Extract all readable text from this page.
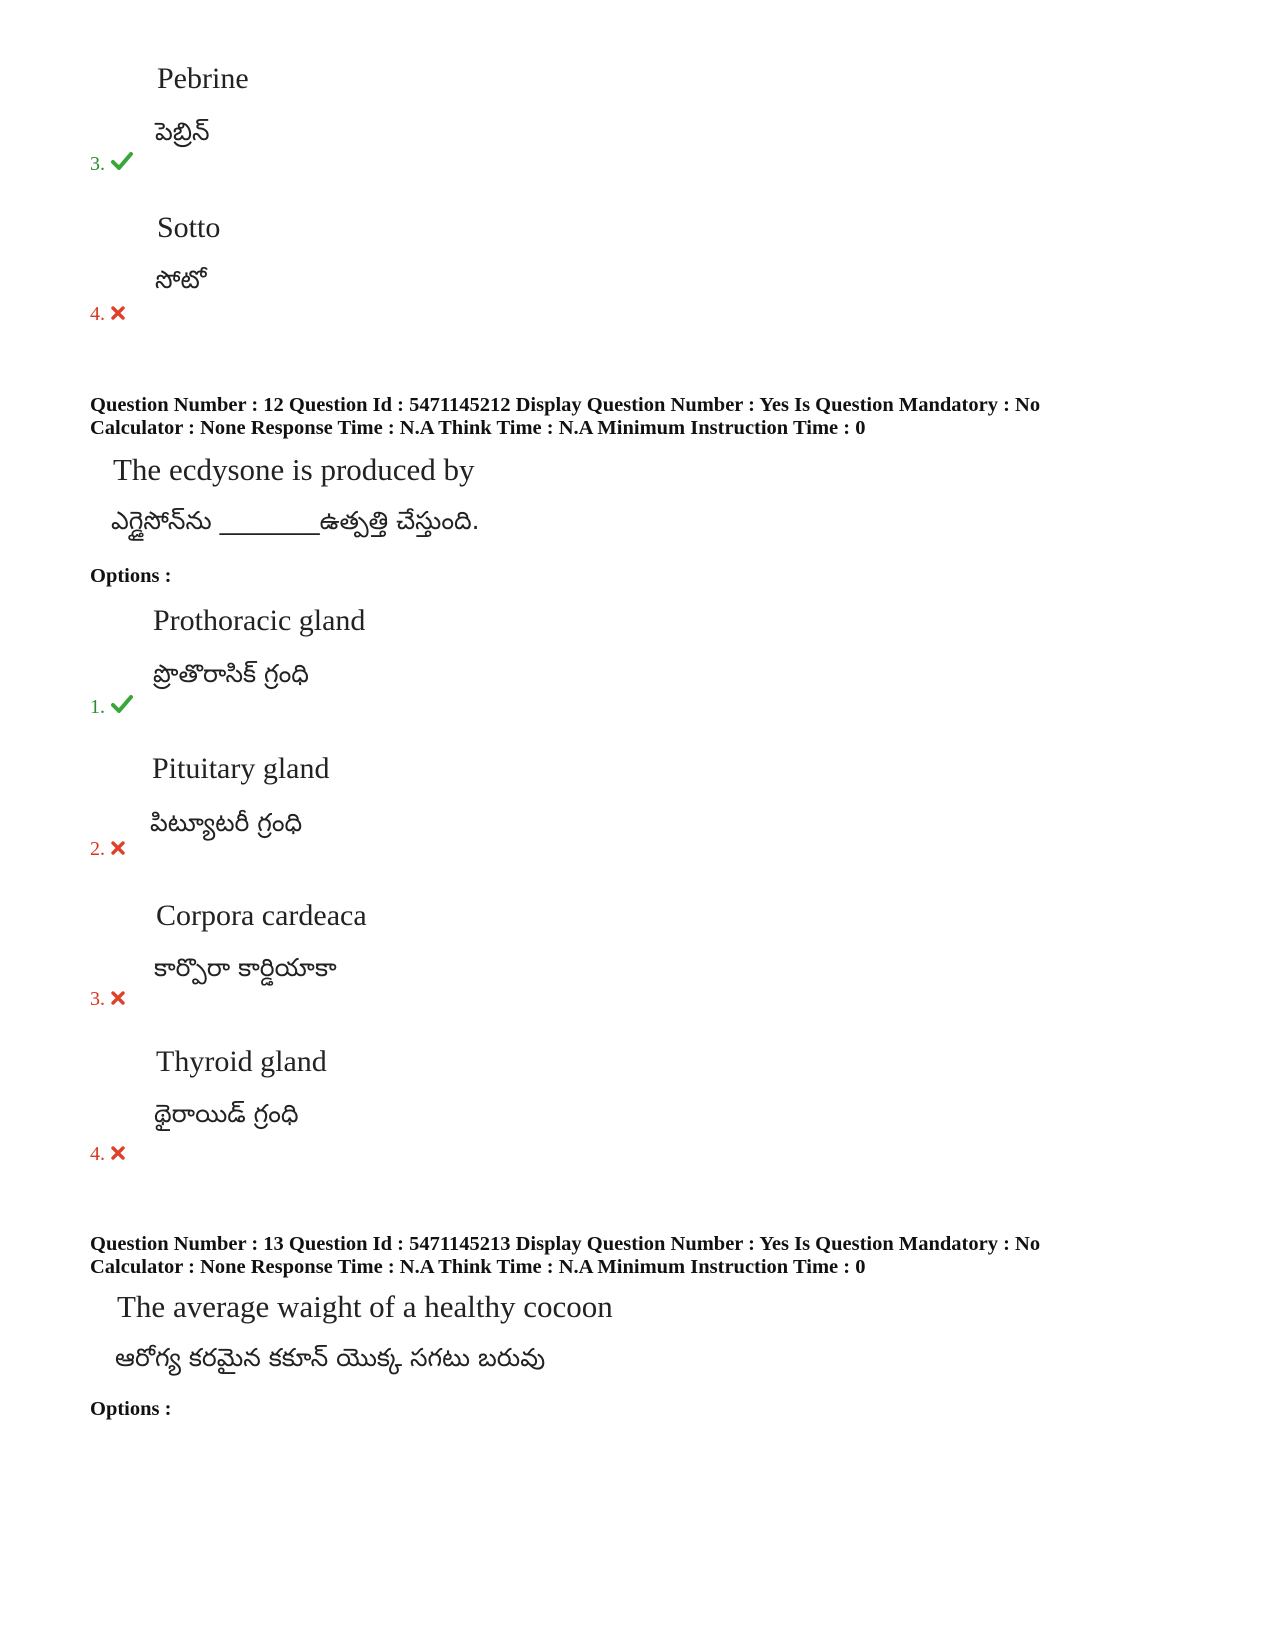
Pebrine
పెబ్రిన్
3.
Sotto
సోటో
4.
Question Number : 12 Question Id : 5471145212 Display Question Number : Yes Is Question Mandatory : No
Calculator : None Response Time : N.A Think Time : N.A Minimum Instruction Time : 0
The ecdysone is produced by
ఎగ్డైసోన్‌ను ________ఉత్పత్తి చేస్తుంది.
Options :
Prothoracic gland
ప్రొతొరాసిక్ గ్రంధి
1.
Pituitary gland
పిట్యూటరీ గ్రంధి
2.
Corpora cardeaca
కార్పొరా కార్డియాకా
3.
Thyroid gland
థైరాయిడ్ గ్రంధి
4.
Question Number : 13 Question Id : 5471145213 Display Question Number : Yes Is Question Mandatory : No
Calculator : None Response Time : N.A Think Time : N.A Minimum Instruction Time : 0
The average waight of a healthy cocoon
ఆరోగ్య కరమైన కకూన్ యొక్క సగటు బరువు
Options :
